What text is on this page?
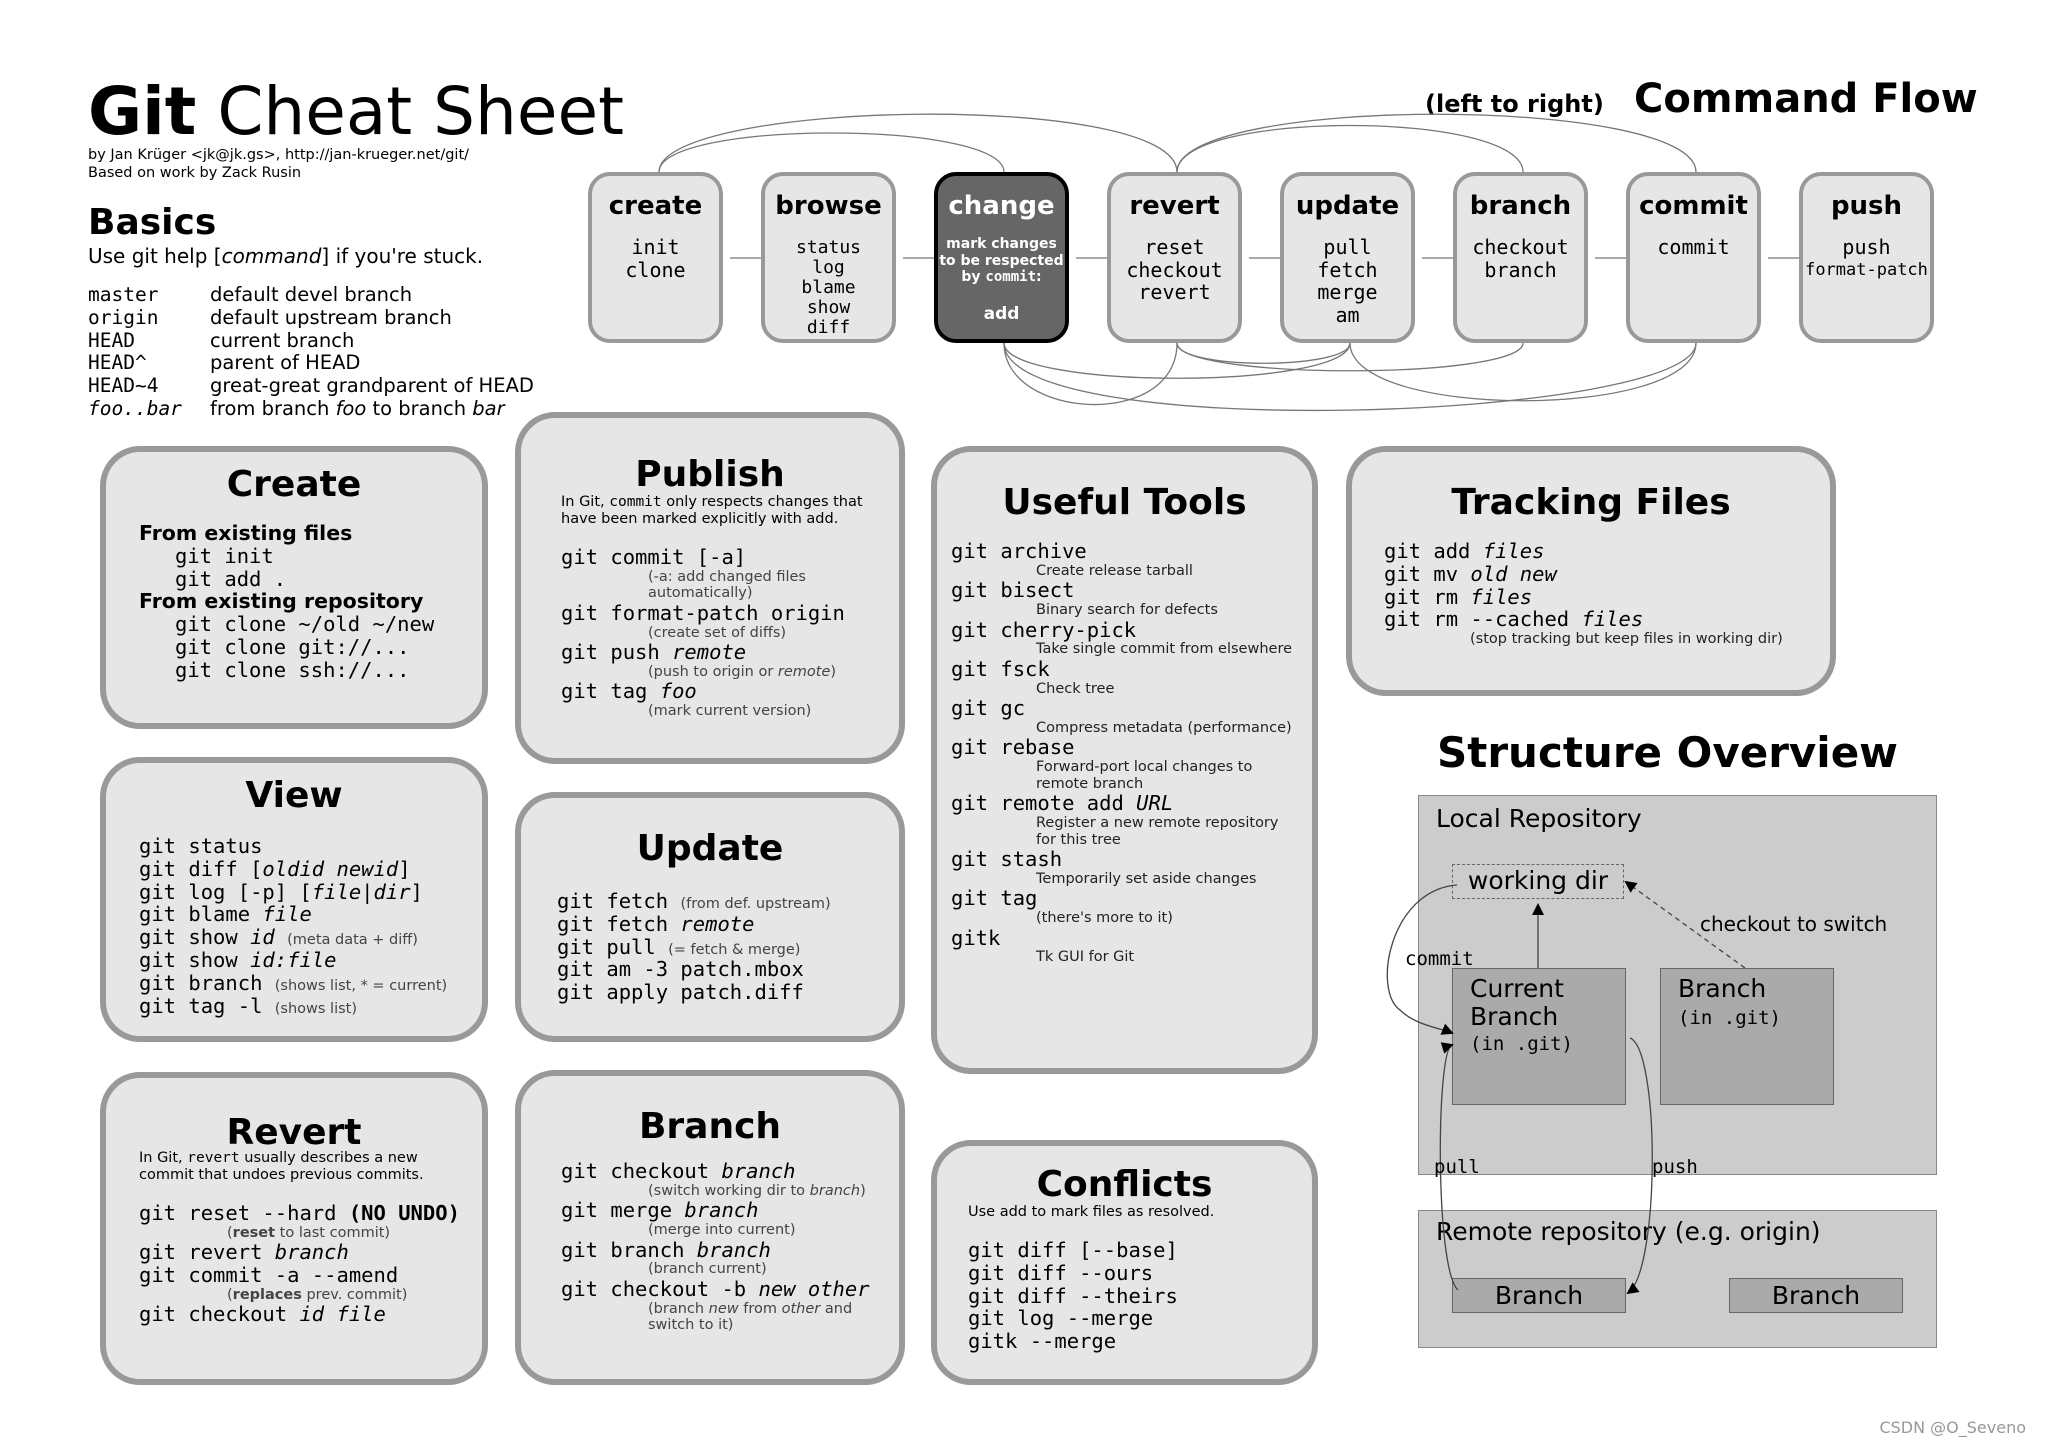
Git Cheat Sheet
by Jan Krüger <jk@jk.gs>, http://jan-krueger.net/git/
Based on work by Zack Rusin
Basics
Use git help [command] if you're stuck.
master	default devel branch
origin	default upstream branch
HEAD	current branch
HEAD^	parent of HEAD
HEAD~4	great-great grandparent of HEAD
foo..bar	from branch foo to branch bar
(left to right) Command Flow
create
init
clone
browse
status
log
blame
show
diff
change
mark changes
to be respected
by commit:
add
revert
reset
checkout
revert
update
pull
fetch
merge
am
branch
checkout
branch
commit
commit
push
push
format-patch
Create
From existing files
git init
git add .
From existing repository
git clone ~/old ~/new
git clone git://...
git clone ssh://...
View
git status
git diff [oldid newid]
git log [-p] [file|dir]
git blame file
git show id (meta data + diff)
git show id:file
git branch (shows list, * = current)
git tag -l (shows list)
Revert
In Git, revert usually describes a new
commit that undoes previous commits.
git reset --hard (NO UNDO)
(reset to last commit)
git revert branch
git commit -a --amend
(replaces prev. commit)
git checkout id file
Publish
In Git, commit only respects changes that
have been marked explicitly with add.
git commit [-a]
(-a: add changed files
automatically)
git format-patch origin
(create set of diffs)
git push remote
(push to origin or remote)
git tag foo
(mark current version)
Update
git fetch (from def. upstream)
git fetch remote
git pull (= fetch & merge)
git am -3 patch.mbox
git apply patch.diff
Branch
git checkout branch
(switch working dir to branch)
git merge branch
(merge into current)
git branch branch
(branch current)
git checkout -b new other
(branch new from other and
switch to it)
Useful Tools
git archive
Create release tarball
git bisect
Binary search for defects
git cherry-pick
Take single commit from elsewhere
git fsck
Check tree
git gc
Compress metadata (performance)
git rebase
Forward-port local changes to
remote branch
git remote add URL
Register a new remote repository
for this tree
git stash
Temporarily set aside changes
git tag
(there's more to it)
gitk
Tk GUI for Git
Conflicts
Use add to mark files as resolved.
git diff [--base]
git diff --ours
git diff --theirs
git log --merge
gitk --merge
Tracking Files
git add files
git mv old new
git rm files
git rm --cached files
(stop tracking but keep files in working dir)
Structure Overview
Local Repository
working dir
Current
Branch
(in .git)
Branch
(in .git)
Remote repository (e.g. origin)
Branch	Branch
commit
checkout to switch
pull	push
CSDN @O_Seveno
